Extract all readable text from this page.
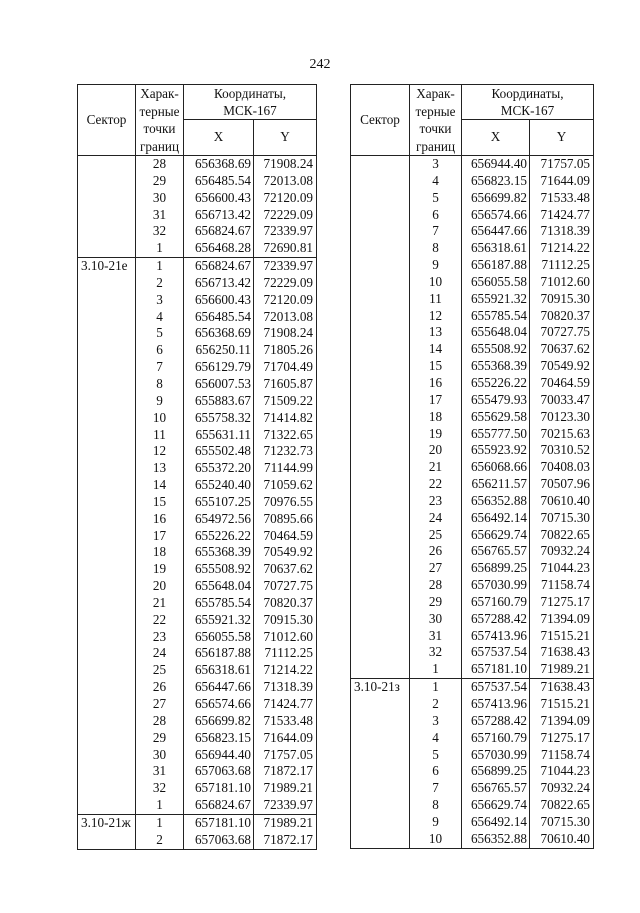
242
Сектор	Харак-
терные
точки
границ	Координаты,
МСК-167	
		X	Y
	28	656368.69	71908.24
	29	656485.54	72013.08
	30	656600.43	72120.09
	31	656713.42	72229.09
	32	656824.67	72339.97
	1	656468.28	72690.81
3.10-21е	1	656824.67	72339.97
	2	656713.42	72229.09
	3	656600.43	72120.09
	4	656485.54	72013.08
	5	656368.69	71908.24
	6	656250.11	71805.26
	7	656129.79	71704.49
	8	656007.53	71605.87
	9	655883.67	71509.22
	10	655758.32	71414.82
	11	655631.11	71322.65
	12	655502.48	71232.73
	13	655372.20	71144.99
	14	655240.40	71059.62
	15	655107.25	70976.55
	16	654972.56	70895.66
	17	655226.22	70464.59
	18	655368.39	70549.92
	19	655508.92	70637.62
	20	655648.04	70727.75
	21	655785.54	70820.37
	22	655921.32	70915.30
	23	656055.58	71012.60
	24	656187.88	71112.25
	25	656318.61	71214.22
	26	656447.66	71318.39
	27	656574.66	71424.77
	28	656699.82	71533.48
	29	656823.15	71644.09
	30	656944.40	71757.05
	31	657063.68	71872.17
	32	657181.10	71989.21
	1	656824.67	72339.97
3.10-21ж	1	657181.10	71989.21
	2	657063.68	71872.17
Сектор	Харак-
терные
точки
границ	Координаты,
МСК-167	
		X	Y
	3	656944.40	71757.05
	4	656823.15	71644.09
	5	656699.82	71533.48
	6	656574.66	71424.77
	7	656447.66	71318.39
	8	656318.61	71214.22
	9	656187.88	71112.25
	10	656055.58	71012.60
	11	655921.32	70915.30
	12	655785.54	70820.37
	13	655648.04	70727.75
	14	655508.92	70637.62
	15	655368.39	70549.92
	16	655226.22	70464.59
	17	655479.93	70033.47
	18	655629.58	70123.30
	19	655777.50	70215.63
	20	655923.92	70310.52
	21	656068.66	70408.03
	22	656211.57	70507.96
	23	656352.88	70610.40
	24	656492.14	70715.30
	25	656629.74	70822.65
	26	656765.57	70932.24
	27	656899.25	71044.23
	28	657030.99	71158.74
	29	657160.79	71275.17
	30	657288.42	71394.09
	31	657413.96	71515.21
	32	657537.54	71638.43
	1	657181.10	71989.21
3.10-21з	1	657537.54	71638.43
	2	657413.96	71515.21
	3	657288.42	71394.09
	4	657160.79	71275.17
	5	657030.99	71158.74
	6	656899.25	71044.23
	7	656765.57	70932.24
	8	656629.74	70822.65
	9	656492.14	70715.30
	10	656352.88	70610.40
